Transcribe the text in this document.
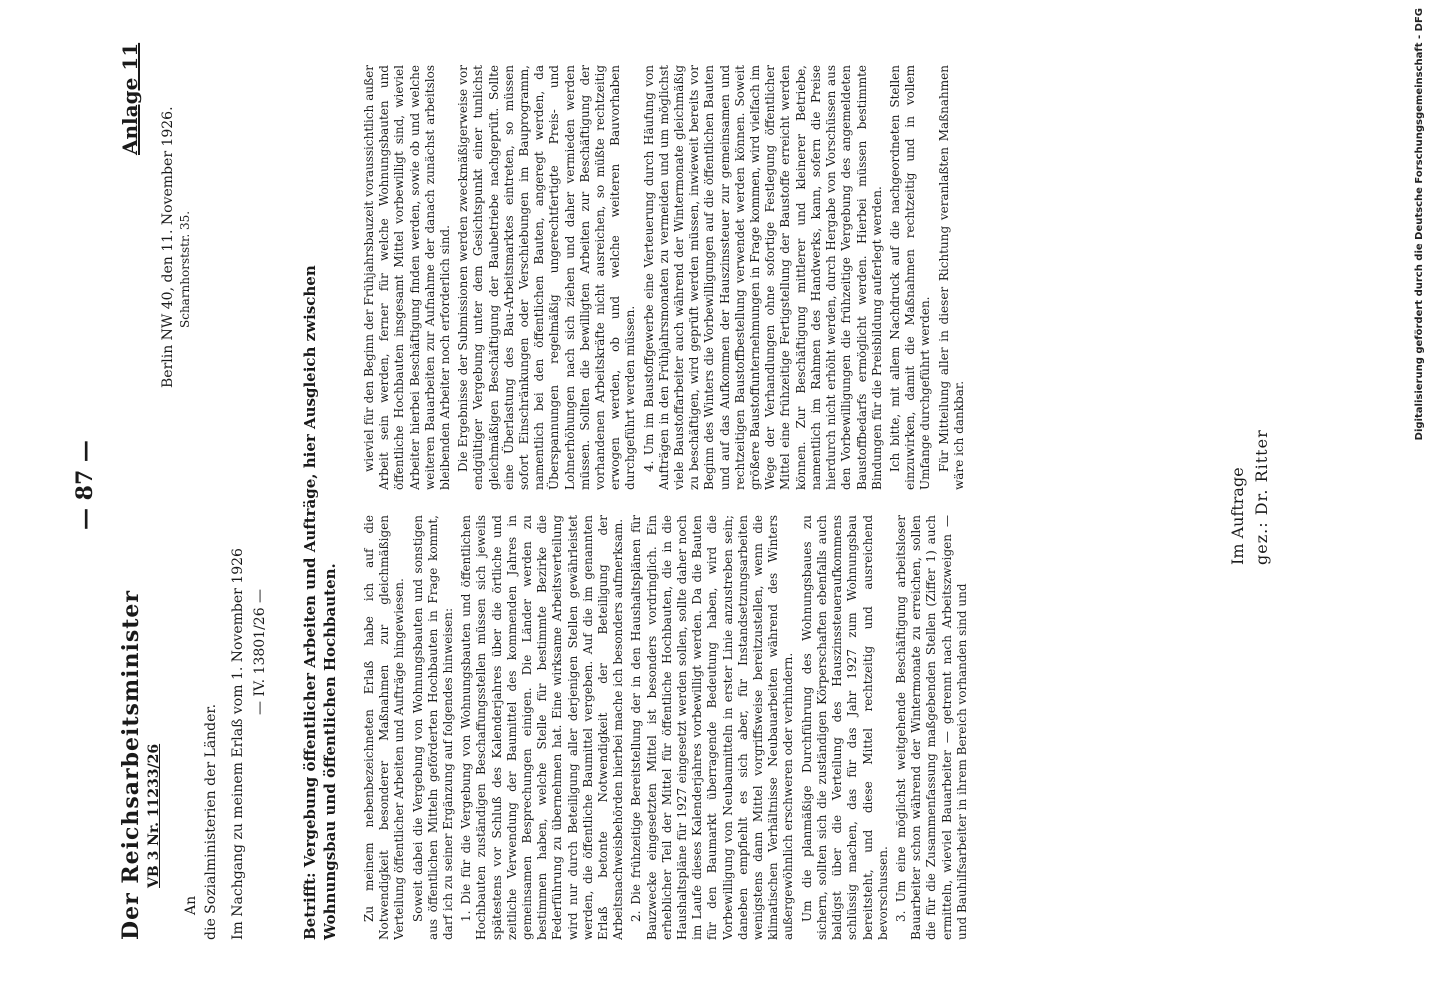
Der Reichsarbeitsminister VB 3 Nr. 11233/26
— 87 —
Anlage 11
Berlin NW 40, den 11. November 1926. Scharnhorststr. 35.
An die Sozialministerien der Länder. Im Nachgang zu meinem Erlaß vom 1. November 1926 — IV. 13801/26 — Betrifft: Vergebung öffentlicher Arbeiten und Aufträge, hier Ausgleich zwischen Wohnungsbau und öffentlichen Hochbauten. Zu meinem nebenbezeichneten Erlaß habe ich auf die Notwendigkeit besonderer Maßnahmen zur gleichmäßigen Verteilung öffentlicher Arbeiten und Aufträge hingewiesen. Soweit dabei die Vergebung von Wohnungsbauten und sonstigen aus öffentlichen Mitteln geförderten Hochbauten in Frage kommt, darf ich zu seiner Ergänzung auf folgendes hinweisen: 1. Die für die Vergebung von Wohnungsbauten und öffentlichen Hochbauten zuständigen Beschaffungsstellen müssen sich jeweils spätestens vor Schluß des Kalenderjahres über die örtliche und zeitliche Verwendung der Baumittel des kommenden Jahres in gemeinsamen Besprechungen einigen. Die Länder werden zu bestimmen haben, welche Stelle für bestimmte Bezirke die Federführung zu übernehmen hat. Eine wirksame Arbeitsverteilung wird nur durch Beteiligung aller derjenigen Stellen gewährleistet werden, die öffentliche Baumittel vergeben. Auf die im genannten Erlaß betonte Notwendigkeit der Beteiligung der Arbeitsnachweisbehörden hierbei mache ich besonders aufmerksam. 2. Die frühzeitige Bereitstellung der in den Haushaltsplänen für Bauzwecke eingesetzten Mittel ist besonders vordringlich. Ein erheblicher Teil der Mittel für öffentliche Hochbauten, die in die Haushaltspläne für 1927 eingesetzt werden sollen, sollte daher noch im Laufe dieses Kalenderjahres vorbewilligt werden. Da die Bauten für den Baumarkt überragende Bedeutung haben, wird die Vorbewilligung von Neubaumitteln in erster Linie anzustreben sein; daneben empfiehlt es sich aber, für Instandsetzungsarbeiten wenigstens dann Mittel vorgriffsweise bereitzustellen, wenn die klimatischen Verhältnisse Neubauarbeiten während des Winters außergewöhnlich erschweren oder verhindern. Um die planmäßige Durchführung des Wohnungsbaues zu sichern, sollten sich die zuständigen Körperschaften ebenfalls auch baldigst über die Verteilung des Hauszinssteueraufkommens schlüssig machen, das für das Jahr 1927 zum Wohnungsbau bereitsteht, und diese Mittel rechtzeitig und ausreichend bevorschussen. 3. Um eine möglichst weitgehende Beschäftigung arbeitsloser Bauarbeiter schon während der Wintermonate zu erreichen, sollen die für die Zusammenfassung maßgebenden Stellen (Ziffer 1) auch ermitteln, wieviel Bauarbeiter — getrennt nach Arbeitszweigen — und Bauhilfsarbeiter in ihrem Bereich vorhanden sind und

wieviel für den Beginn der Frühjahrsbauzeit voraussichtlich außer Arbeit sein werden, ferner für welche Wohnungsbauten und öffentliche Hochbauten insgesamt Mittel vorbewilligt sind, wieviel Arbeiter hierbei Beschäftigung finden werden, sowie ob und welche weiteren Bauarbeiten zur Aufnahme der danach zunächst arbeitslos bleibenden Arbeiter noch erforderlich sind. Die Ergebnisse der Submissionen werden zweckmäßigerweise vor endgültiger Vergebung unter dem Gesichtspunkt einer tunlichst gleichmäßigen Beschäftigung der Baubetriebe nachgeprüft. Sollte eine Überlastung des Bau-Arbeitsmarktes eintreten, so müssen sofort Einschränkungen oder Verschiebungen im Bauprogramm, namentlich bei den öffentlichen Bauten, angeregt werden, da Überspannungen regelmäßig ungerechtfertigte Preis- und Lohnerhöhungen nach sich ziehen und daher vermieden werden müssen. Sollten die bewilligten Arbeiten zur Beschäftigung der vorhandenen Arbeitskräfte nicht ausreichen, so müßte rechtzeitig erwogen werden, ob und welche weiteren Bauvorhaben durchgeführt werden müssen. 4. Um im Baustoffgewerbe eine Verteuerung durch Häufung von Aufträgen in den Frühjahrsmonaten zu vermeiden und um möglichst viele Baustoffarbeiter auch während der Wintermonate gleichmäßig zu beschäftigen, wird geprüft werden müssen, inwieweit bereits vor Beginn des Winters die Vorbewilligungen auf die öffentlichen Bauten und auf das Aufkommen der Hauszinssteuer zur gemeinsamen und rechtzeitigen Baustoffbestellung verwendet werden können. Soweit größere Baustoffunternehmungen in Frage kommen, wird vielfach im Wege der Verhandlungen ohne sofortige Festlegung öffentlicher Mittel eine frühzeitige Fertigstellung der Baustoffe erreicht werden können. Zur Beschäftigung mittlerer und kleinerer Betriebe, namentlich im Rahmen des Handwerks, kann, sofern die Preise hierdurch nicht erhöht werden, durch Hergabe von Vorschüssen aus den Vorbewilligungen die frühzeitige Vergebung des angemeldeten Baustoffbedarfs ermöglicht werden. Hierbei müssen bestimmte Bindungen für die Preisbildung auferlegt werden. Ich bitte, mit allem Nachdruck auf die nachgeordneten Stellen einzuwirken, damit die Maßnahmen rechtzeitig und in vollem Umfange durchgeführt werden. Für Mitteilung aller in dieser Richtung veranlaßten Maßnahmen wäre ich dankbar.

Im Auftrage gez.: Dr. Ritter
Digitalisierung gefördert durch die Deutsche Forschungsgemeinschaft - DFG
